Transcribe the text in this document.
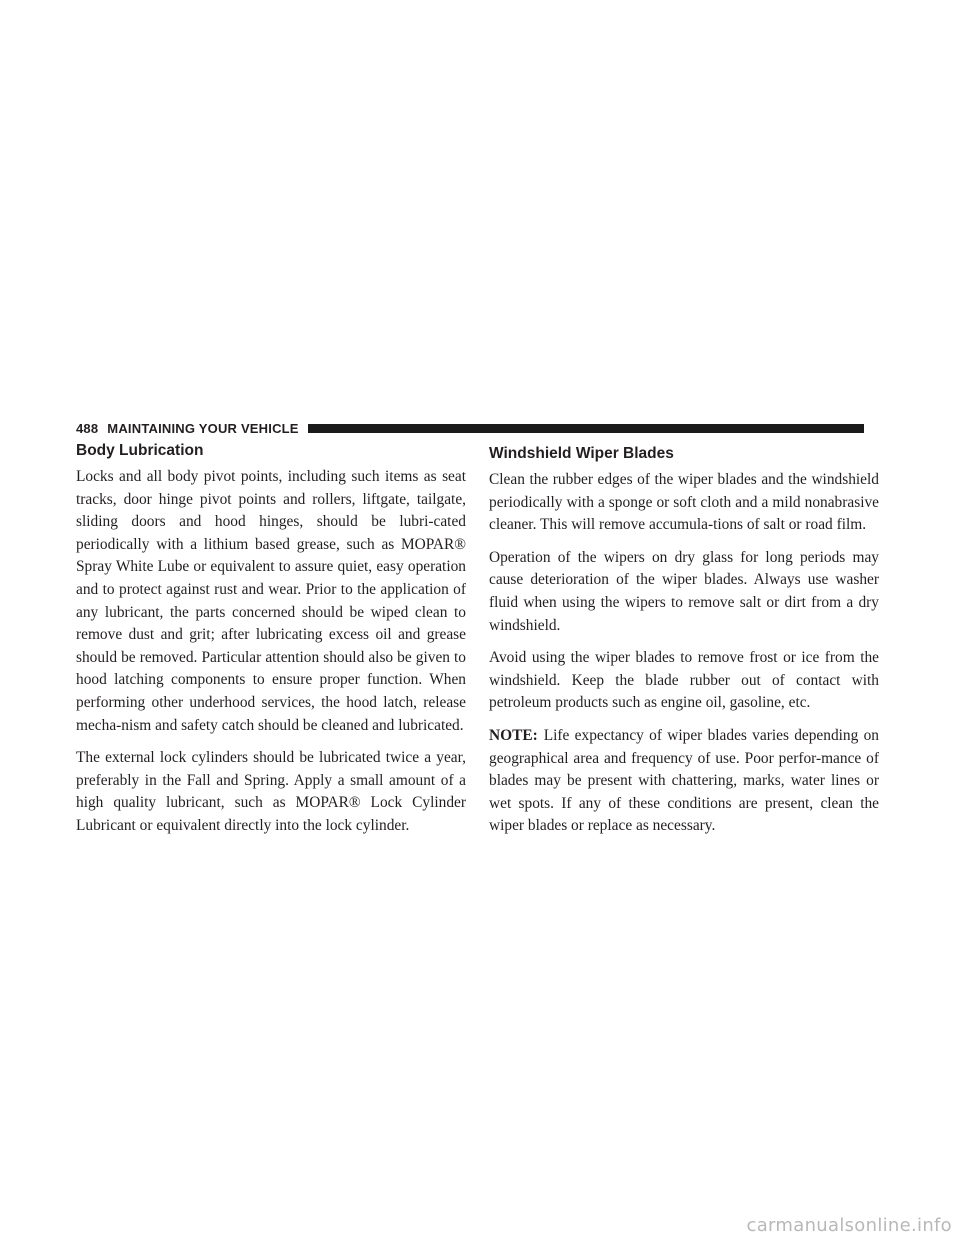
488 MAINTAINING YOUR VEHICLE
Body Lubrication

Locks and all body pivot points, including such items as seat tracks, door hinge pivot points and rollers, liftgate, tailgate, sliding doors and hood hinges, should be lubri-cated periodically with a lithium based grease, such as MOPAR® Spray White Lube or equivalent to assure quiet, easy operation and to protect against rust and wear. Prior to the application of any lubricant, the parts concerned should be wiped clean to remove dust and grit; after lubricating excess oil and grease should be removed. Particular attention should also be given to hood latching components to ensure proper function. When performing other underhood services, the hood latch, release mecha-nism and safety catch should be cleaned and lubricated.

The external lock cylinders should be lubricated twice a year, preferably in the Fall and Spring. Apply a small amount of a high quality lubricant, such as MOPAR® Lock Cylinder Lubricant or equivalent directly into the lock cylinder.

Windshield Wiper Blades

Clean the rubber edges of the wiper blades and the windshield periodically with a sponge or soft cloth and a mild nonabrasive cleaner. This will remove accumula-tions of salt or road film.

Operation of the wipers on dry glass for long periods may cause deterioration of the wiper blades. Always use washer fluid when using the wipers to remove salt or dirt from a dry windshield.

Avoid using the wiper blades to remove frost or ice from the windshield. Keep the blade rubber out of contact with petroleum products such as engine oil, gasoline, etc.

NOTE: Life expectancy of wiper blades varies depending on geographical area and frequency of use. Poor perfor-mance of blades may be present with chattering, marks, water lines or wet spots. If any of these conditions are present, clean the wiper blades or replace as necessary.

carmanualsonline.info
